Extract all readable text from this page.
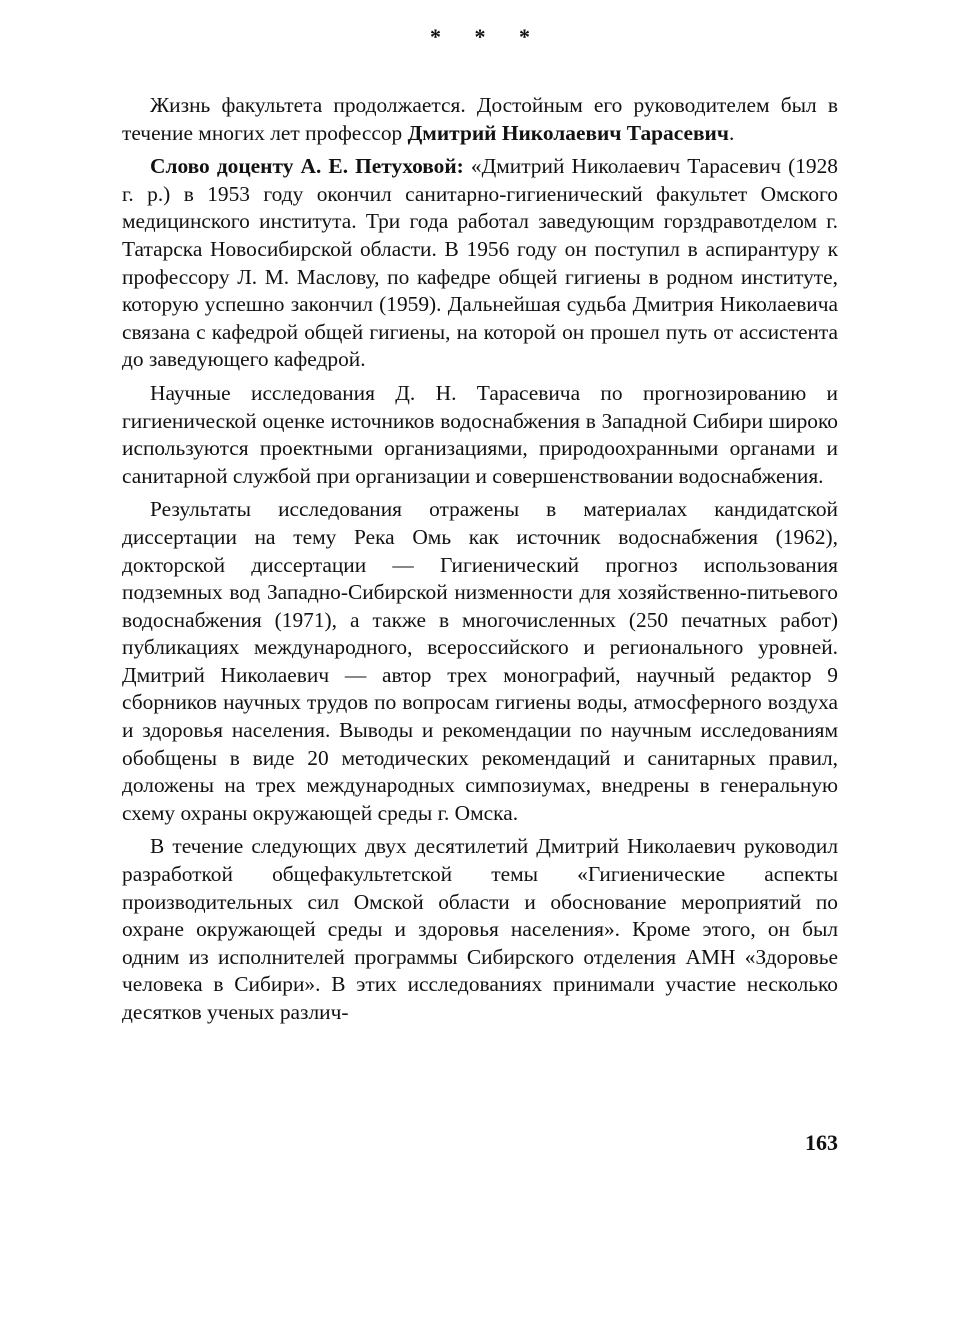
* * *

Жизнь факультета продолжается. Достойным его руководителем был в течение многих лет профессор Дмитрий Николаевич Тарасевич.

Слово доценту А. Е. Петуховой: «Дмитрий Николаевич Тарасевич (1928 г. р.) в 1953 году окончил санитарно-гигиенический факультет Омского медицинского института. Три года работал заведующим горздравотделом г. Татарска Новосибирской области. В 1956 году он поступил в аспирантуру к профессору Л. М. Маслову, по кафедре общей гигиены в родном институте, которую успешно закончил (1959). Дальнейшая судьба Дмитрия Николаевича связана с кафедрой общей гигиены, на которой он прошел путь от ассистента до заведующего кафедрой.

Научные исследования Д. Н. Тарасевича по прогнозированию и гигиенической оценке источников водоснабжения в Западной Сибири широко используются проектными организациями, природоохранными органами и санитарной службой при организации и совершенствовании водоснабжения.

Результаты исследования отражены в материалах кандидатской диссертации на тему Река Омь как источник водоснабжения (1962), докторской диссертации — Гигиенический прогноз использования подземных вод Западно-Сибирской низменности для хозяйственно-питьевого водоснабжения (1971), а также в многочисленных (250 печатных работ) публикациях международного, всероссийского и регионального уровней. Дмитрий Николаевич — автор трех монографий, научный редактор 9 сборников научных трудов по вопросам гигиены воды, атмосферного воздуха и здоровья населения. Выводы и рекомендации по научным исследованиям обобщены в виде 20 методических рекомендаций и санитарных правил, доложены на трех международных симпозиумах, внедрены в генеральную схему охраны окружающей среды г. Омска.

В течение следующих двух десятилетий Дмитрий Николаевич руководил разработкой общефакультетской темы «Гигиенические аспекты производительных сил Омской области и обоснование мероприятий по охране окружающей среды и здоровья населения». Кроме этого, он был одним из исполнителей программы Сибирского отделения АМН «Здоровье человека в Сибири». В этих исследованиях принимали участие несколько десятков ученых различ-

163
